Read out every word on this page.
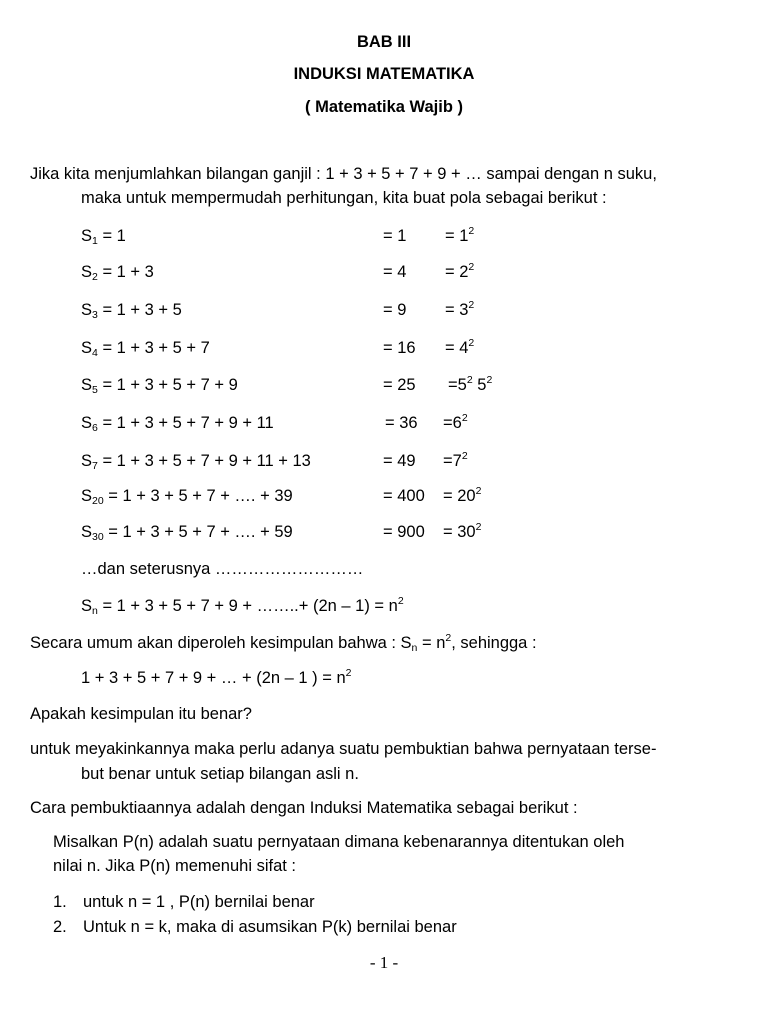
BAB III
INDUKSI MATEMATIKA
( Matematika Wajib )
Jika kita menjumlahkan bilangan ganjil : 1 + 3 + 5 + 7 + 9 + … sampai dengan n suku,
maka untuk mempermudah perhitungan, kita buat pola sebagai berikut :
$S_1 = 1$	= $1 = 1^2$
$S_2 = 1 + 3$	= $4 = 2^2$
$S_3 = 1 + 3 + 5$	= $9 = 3^2$
$S_4 = 1 + 3 + 5 + 7$	= $16 = 4^2$
$S_5 = 1 + 3 + 5 + 7 + 9$	= $25 =5^2$ $5^2$
$S_6 = 1 + 3 + 5 + 7 + 9 + 11$	= $36 =6^2$
$S_7 = 1 + 3 + 5 + 7 + 9 + 11 + 13$	= $49 =7^2$
$S_{20} = 1 + 3 + 5 + 7$ + …. + 39	= $400 = 20^2$
$S_{30} = 1 + 3 + 5 + 7$ + …. + 59	= $900 = 30^2$
…dan seterusnya ………………………
$S_n = 1 + 3 + 5 + 7 + 9$ + ……..+ $(2n - 1) = n^2$
Secara umum akan diperoleh kesimpulan bahwa : $S_n = n^2$, sehingga :
1 + 3 + 5 + 7 + 9 + … + (2n – 1 ) = $n^2$
Apakah kesimpulan itu benar?
untuk meyakinkannya maka perlu adanya suatu pembuktian bahwa pernyataan terse-
but benar untuk setiap bilangan asli n.
Cara pembuktiaannya adalah dengan Induksi Matematika sebagai berikut :
Misalkan P(n) adalah suatu pernyataan dimana kebenarannya ditentukan oleh
nilai n. Jika P(n) memenuhi sifat :
1. untuk n = 1 , P(n) bernilai benar
2. Untuk n = k, maka di asumsikan P(k) bernilai benar
- 1 -
